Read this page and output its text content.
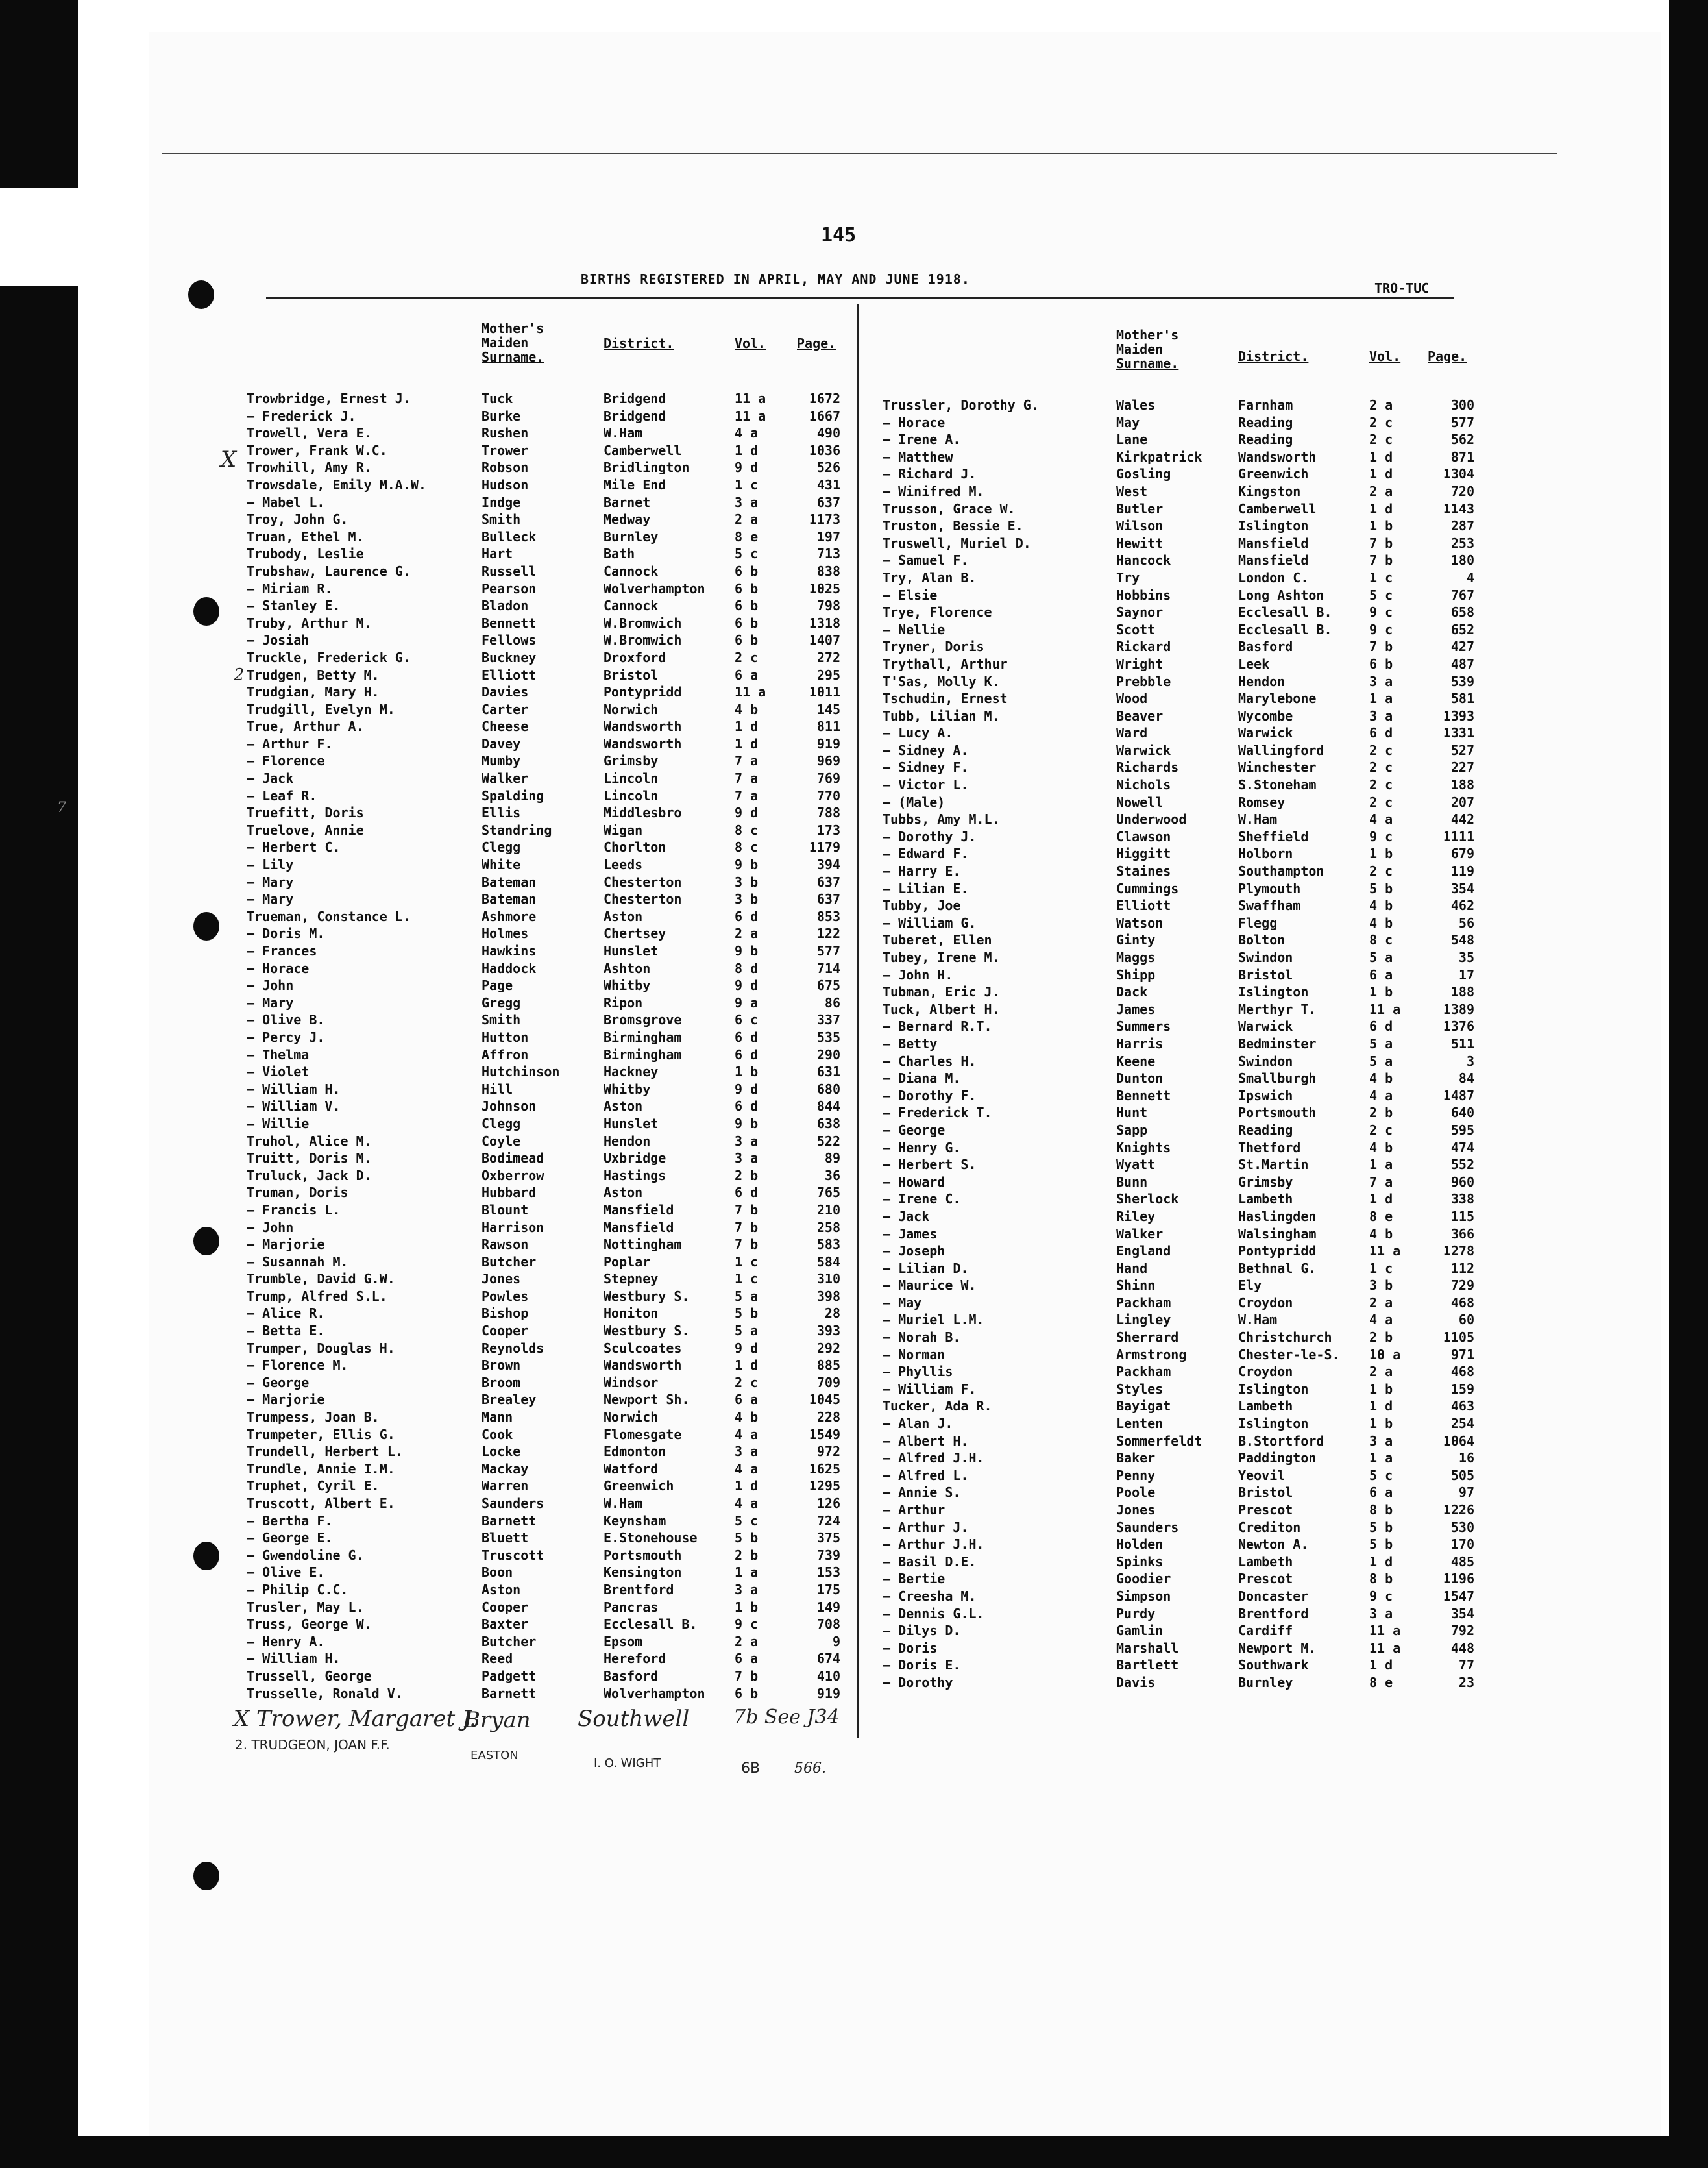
145
BIRTHS REGISTERED IN APRIL, MAY AND JUNE 1918.
TRO-TUC
Mother's
Maiden
Surname.
District.	Vol. Page.
Mother's
Maiden
Surname.	District.	Vol. Page.
Trowbridge, Ernest J.	Tuck	Bridgend	11 a	1672
— Frederick J.	Burke	Bridgend	11 a	1667
Trowell, Vera E.	Rushen	W.Ham	4 a	490
Trower, Frank W.C.	Trower	Camberwell	1 d	1036
Trowhill, Amy R.	Robson	Bridlington	9 d	526
Trowsdale, Emily M.A.W.	Hudson	Mile End	1 c	431
— Mabel L.	Indge	Barnet	3 a	637
Troy, John G.	Smith	Medway	2 a	1173
Truan, Ethel M.	Bulleck	Burnley	8 e	197
Trubody, Leslie	Hart	Bath	5 c	713
Trubshaw, Laurence G.	Russell	Cannock	6 b	838
— Miriam R.	Pearson	Wolverhampton 6 b	1025
— Stanley E.	Bladon	Cannock	6 b	798
Truby, Arthur M.	Bennett	W.Bromwich	6 b	1318
— Josiah	Fellows	W.Bromwich	6 b	1407
Truckle, Frederick G.	Buckney	Droxford	2 c	272
Trudgen, Betty M.	Elliott	Bristol	6 a	295
Trudgian, Mary H.	Davies	Pontypridd	11 a	1011
Trudgill, Evelyn M.	Carter	Norwich	4 b	145
True, Arthur A.	Cheese	Wandsworth	1 d	811
— Arthur F.	Davey	Wandsworth	1 d	919
— Florence	Mumby	Grimsby	7 a	969
— Jack	Walker	Lincoln	7 a	769
— Leaf R.	Spalding	Lincoln	7 a	770
Truefitt, Doris	Ellis	Middlesbro	9 d	788
Truelove, Annie	Standring	Wigan	8 c	173
— Herbert C.	Clegg	Chorlton	8 c	1179
— Lily	White	Leeds	9 b	394
— Mary	Bateman	Chesterton	3 b	637
— Mary	Bateman	Chesterton	3 b	637
Trueman, Constance L.	Ashmore	Aston	6 d	853
— Doris M.	Holmes	Chertsey	2 a	122
— Frances	Hawkins	Hunslet	9 b	577
— Horace	Haddock	Ashton	8 d	714
— John	Page	Whitby	9 d	675
— Mary	Gregg	Ripon	9 a	86
— Olive B.	Smith	Bromsgrove	6 c	337
— Percy J.	Hutton	Birmingham	6 d	535
— Thelma	Affron	Birmingham	6 d	290
— Violet	Hutchinson	Hackney	1 b	631
— William H.	Hill	Whitby	9 d	680
— William V.	Johnson	Aston	6 d	844
— Willie	Clegg	Hunslet	9 b	638
Truhol, Alice M.	Coyle	Hendon	3 a	522
Truitt, Doris M.	Bodimead	Uxbridge	3 a	89
Truluck, Jack D.	Oxberrow	Hastings	2 b	36
Truman, Doris	Hubbard	Aston	6 d	765
— Francis L.	Blount	Mansfield	7 b	210
— John	Harrison	Mansfield	7 b	258
— Marjorie	Rawson	Nottingham	7 b	583
— Susannah M.	Butcher	Poplar	1 c	584
Trumble, David G.W.	Jones	Stepney	1 c	310
Trump, Alfred S.L.	Powles	Westbury S.	5 a	398
— Alice R.	Bishop	Honiton	5 b	28
— Betta E.	Cooper	Westbury S.	5 a	393
Trumper, Douglas H.	Reynolds	Sculcoates	9 d	292
— Florence M.	Brown	Wandsworth	1 d	885
— George	Broom	Windsor	2 c	709
— Marjorie	Brealey	Newport Sh.	6 a	1045
Trumpess, Joan B.	Mann	Norwich	4 b	228
Trumpeter, Ellis G.	Cook	Flomesgate	4 a	1549
Trundell, Herbert L.	Locke	Edmonton	3 a	972
Trundle, Annie I.M.	Mackay	Watford	4 a	1625
Truphet, Cyril E.	Warren	Greenwich	1 d	1295
Truscott, Albert E.	Saunders	W.Ham	4 a	126
— Bertha F.	Barnett	Keynsham	5 c	724
— George E.	Bluett	E.Stonehouse	5 b	375
— Gwendoline G.	Truscott	Portsmouth	2 b	739
— Olive E.	Boon	Kensington	1 a	153
— Philip C.C.	Aston	Brentford	3 a	175
Trusler, May L.	Cooper	Pancras	1 b	149
Truss, George W.	Baxter	Ecclesall B.	9 c	708
— Henry A.	Butcher	Epsom	2 a	9
— William H.	Reed	Hereford	6 a	674
Trussell, George	Padgett	Basford	7 b	410
Trusselle, Ronald V.	Barnett	Wolverhampton 6 b	919
Trussler, Dorothy G.	Wales	Farnham	2 a	300
— Horace	May	Reading	2 c	577
— Irene A.	Lane	Reading	2 c	562
— Matthew	Kirkpatrick	Wandsworth	1 d	871
— Richard J.	Gosling	Greenwich	1 d	1304
— Winifred M.	West	Kingston	2 a	720
Trusson, Grace W.	Butler	Camberwell	1 d	1143
Truston, Bessie E.	Wilson	Islington	1 b	287
Truswell, Muriel D.	Hewitt	Mansfield	7 b	253
— Samuel F.	Hancock	Mansfield	7 b	180
Try, Alan B.	Try	London C.	1 c	4
— Elsie	Hobbins	Long Ashton	5 c	767
Trye, Florence	Saynor	Ecclesall B.	9 c	658
— Nellie	Scott	Ecclesall B.	9 c	652
Tryner, Doris	Rickard	Basford	7 b	427
Trythall, Arthur	Wright	Leek	6 b	487
T'Sas, Molly K.	Prebble	Hendon	3 a	539
Tschudin, Ernest	Wood	Marylebone	1 a	581
Tubb, Lilian M.	Beaver	Wycombe	3 a	1393
— Lucy A.	Ward	Warwick	6 d	1331
— Sidney A.	Warwick	Wallingford	2 c	527
— Sidney F.	Richards	Winchester	2 c	227
— Victor L.	Nichols	S.Stoneham	2 c	188
— (Male)	Nowell	Romsey	2 c	207
Tubbs, Amy M.L.	Underwood	W.Ham	4 a	442
— Dorothy J.	Clawson	Sheffield	9 c	1111
— Edward F.	Higgitt	Holborn	1 b	679
— Harry E.	Staines	Southampton	2 c	119
— Lilian E.	Cummings	Plymouth	5 b	354
Tubby, Joe	Elliott	Swaffham	4 b	462
— William G.	Watson	Flegg	4 b	56
Tuberet, Ellen	Ginty	Bolton	8 c	548
Tubey, Irene M.	Maggs	Swindon	5 a	35
— John H.	Shipp	Bristol	6 a	17
Tubman, Eric J.	Dack	Islington	1 b	188
Tuck, Albert H.	James	Merthyr T.	11 a	1389
— Bernard R.T.	Summers	Warwick	6 d	1376
— Betty	Harris	Bedminster	5 a	511
— Charles H.	Keene	Swindon	5 a	3
— Diana M.	Dunton	Smallburgh	4 b	84
— Dorothy F.	Bennett	Ipswich	4 a	1487
— Frederick T.	Hunt	Portsmouth	2 b	640
— George	Sapp	Reading	2 c	595
— Henry G.	Knights	Thetford	4 b	474
— Herbert S.	Wyatt	St.Martin	1 a	552
— Howard	Bunn	Grimsby	7 a	960
— Irene C.	Sherlock	Lambeth	1 d	338
— Jack	Riley	Haslingden	8 e	115
— James	Walker	Walsingham	4 b	366
— Joseph	England	Pontypridd	11 a	1278
— Lilian D.	Hand	Bethnal G.	1 c	112
— Maurice W.	Shinn	Ely	3 b	729
— May	Packham	Croydon	2 a	468
— Muriel L.M.	Lingley	W.Ham	4 a	60
— Norah B.	Sherrard	Christchurch	2 b	1105
— Norman	Armstrong	Chester-le-S. 10 a	971
— Phyllis	Packham	Croydon	2 a	468
— William F.	Styles	Islington	1 b	159
Tucker, Ada R.	Bayigat	Lambeth	1 d	463
— Alan J.	Lenten	Islington	1 b	254
— Albert H.	Sommerfeldt	B.Stortford	3 a	1064
— Alfred J.H.	Baker	Paddington	1 a	16
— Alfred L.	Penny	Yeovil	5 c	505
— Annie S.	Poole	Bristol	6 a	97
— Arthur	Jones	Prescot	8 b	1226
— Arthur J.	Saunders	Crediton	5 b	530
— Arthur J.H.	Holden	Newton A.	5 b	170
— Basil D.E.	Spinks	Lambeth	1 d	485
— Bertie	Goodier	Prescot	8 b	1196
— Creesha M.	Simpson	Doncaster	9 c	1547
— Dennis G.L.	Purdy	Brentford	3 a	354
— Dilys D.	Gamlin	Cardiff	11 a	792
— Doris	Marshall	Newport M.	11 a	448
— Doris E.	Bartlett	Southwark	1 d	77
— Dorothy	Davis	Burnley	8 e	23
X
2
7
X Trower, Margaret J.
Bryan Southwell 7b See J34
2. TRUDGEON, JOAN F.F.
EASTON
I. O. WIGHT	6B 566.
